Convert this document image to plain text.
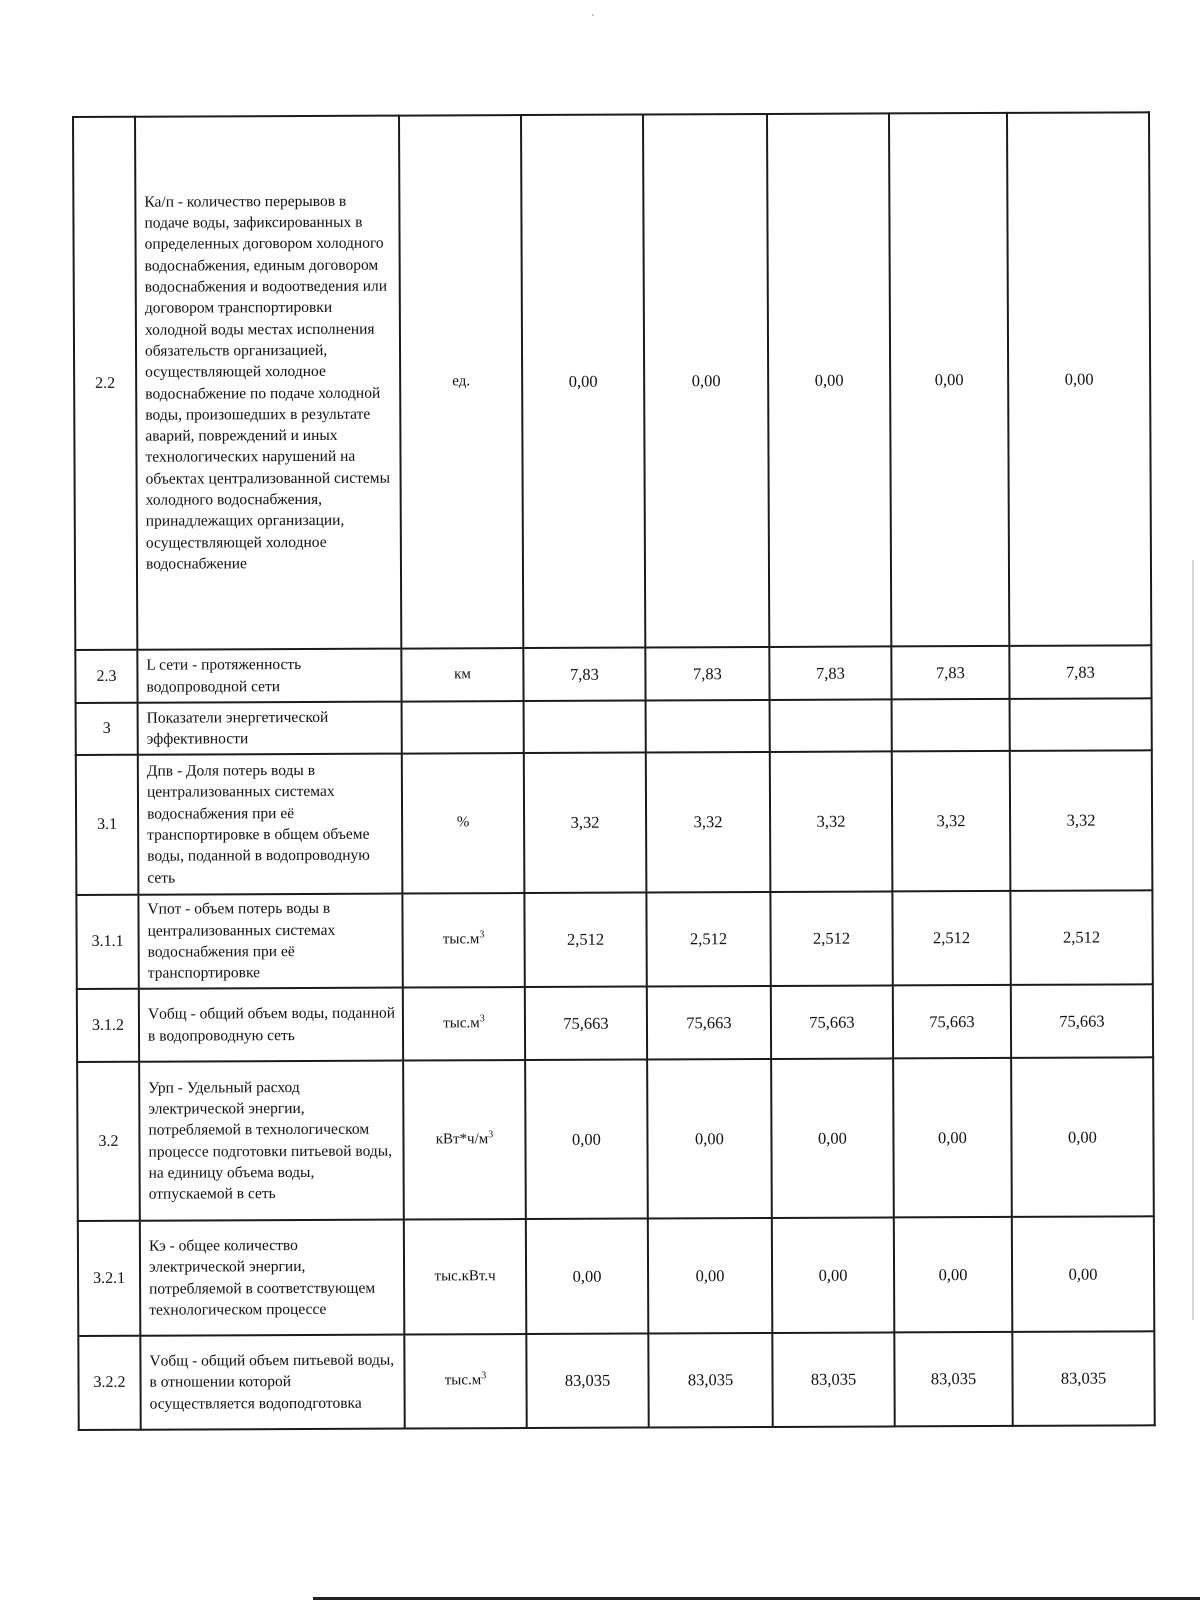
2.2	Ка/п - количество перерывов в подаче воды, зафиксированных в определенных договором холодного водоснабжения, единым договором водоснабжения и водоотведения или договором транспортировки холодной воды местах исполнения обязательств организацией, осуществляющей холодное водоснабжение по подаче холодной воды, произошедших в результате аварий, повреждений и иных технологических нарушений на объектах централизованной системы холодного водоснабжения, принадлежащих организации, осуществляющей холодное водоснабжение	ед.	0,00	0,00	0,00	0,00	0,00
2.3	L сети - протяженность водопроводной сети	км	7,83	7,83	7,83	7,83	7,83
3	Показатели энергетической эффективности						
3.1	Дпв - Доля потерь воды в централизованных системах водоснабжения при её транспортировке в общем объеме воды, поданной в водопроводную сеть	%	3,32	3,32	3,32	3,32	3,32
3.1.1	Vпот - объем потерь воды в централизованных системах водоснабжения при её транспортировке	$тыс.м^3$	2,512	2,512	2,512	2,512	2,512
3.1.2	Vобщ - общий объем воды, поданной в водопроводную сеть	$тыс.м^3$	75,663	75,663	75,663	75,663	75,663
3.2	Урп - Удельный расход электрической энергии, потребляемой в технологическом процессе подготовки питьевой воды, на единицу объема воды, отпускаемой в сеть	$кВт*ч/м^3$	0,00	0,00	0,00	0,00	0,00
3.2.1	Кэ - общее количество электрической энергии, потребляемой в соответствующем технологическом процессе	тыс.кВт.ч	0,00	0,00	0,00	0,00	0,00
3.2.2	Vобщ - общий объем питьевой воды, в отношении которой осуществляется водоподготовка	$тыс.м^3$	83,035	83,035	83,035	83,035	83,035
